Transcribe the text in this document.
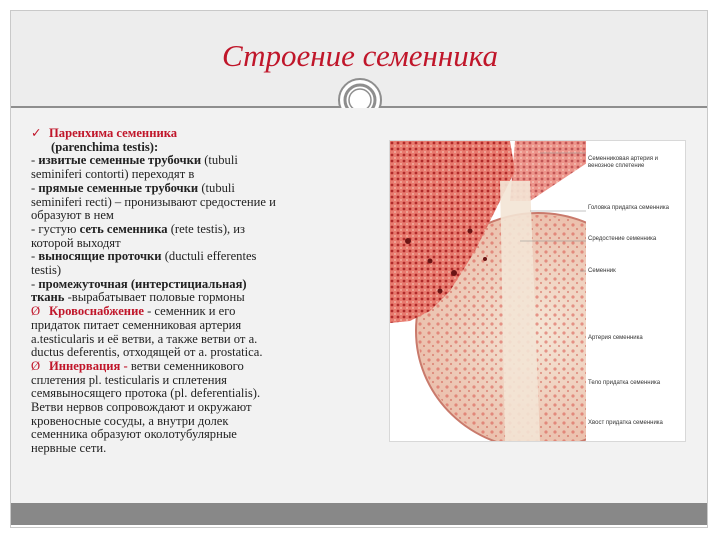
Строение семенника
✓ Паренхима семенника
(parenchima testis):
- извитые семенные трубочки (tubuli
seminiferi contorti) переходят в
- прямые семенные трубочки (tubuli
seminiferi recti) – пронизывают средостение и
образуют в нем
- густую сеть семенника (rete testis), из
которой выходят
- выносящие проточки (ductuli efferentes
testis)
- промежуточная (интерстициальная)
ткань -вырабатывает половые гормоны
Ø Кровоснабжение - семенник и его
придаток питает семенниковая артерия
a.testicularis и её ветви, а также ветви от a.
ductus deferentis, отходящей от a. prostatica.
Ø Иннервация - ветви семенникового
сплетения pl. testicularis и сплетения
семявыносящего протока (pl. deferentialis).
Ветви нервов сопровождают и окружают
кровеносные сосуды, а внутри долек
семенника образуют околотубулярные
нервные сети.
Семенниковая артерия и венозное сплетение
Головка придатка семенника
Средостение семенника
Семенник
Артерия семенника
Тело придатка семенника
Хвост придатка семенника
